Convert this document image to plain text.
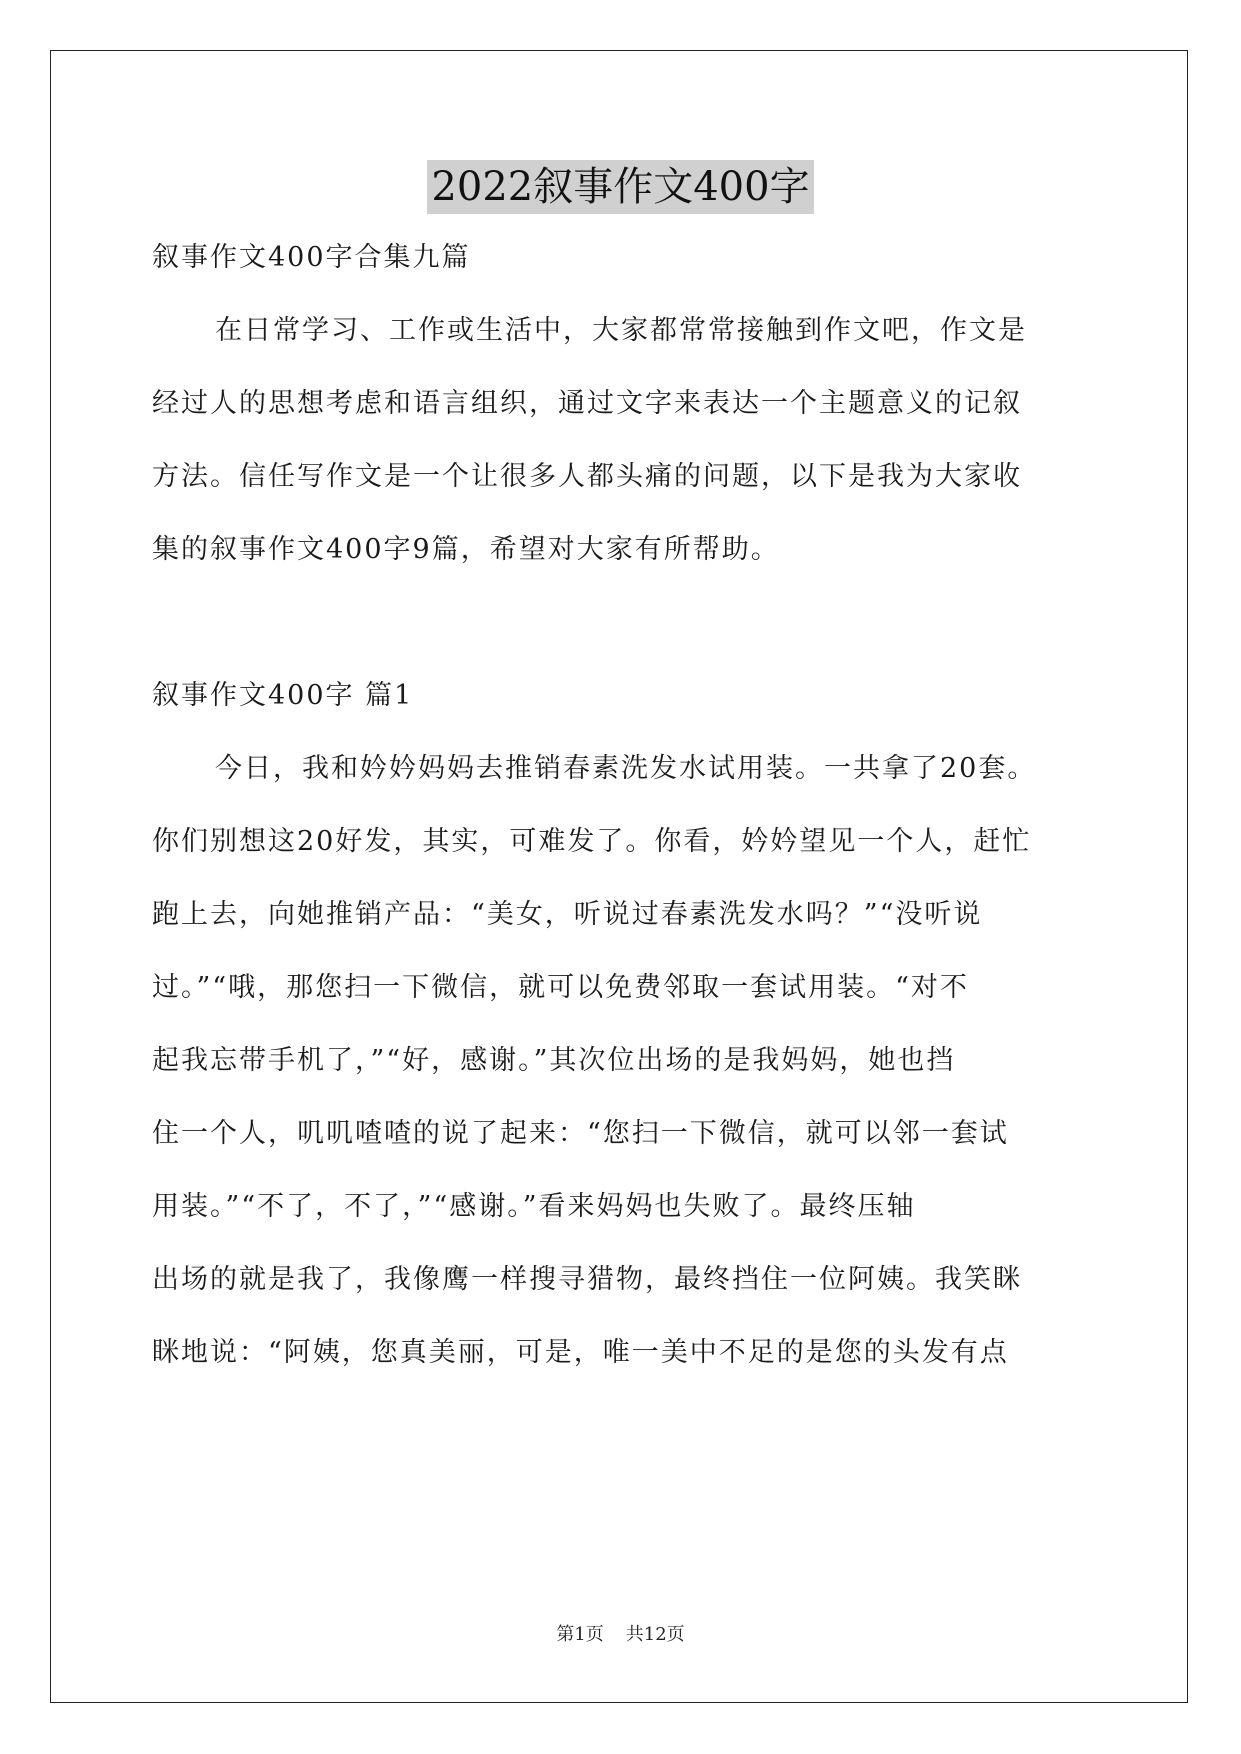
2022叙事作文400字
叙事作文400字合集九篇
在日常学习、工作或生活中，大家都常常接触到作文吧，作文是
经过人的思想考虑和语言组织，通过文字来表达一个主题意义的记叙
方法。信任写作文是一个让很多人都头痛的问题，以下是我为大家收
集的叙事作文400字9篇，希望对大家有所帮助。
叙事作文400字 篇1
今日，我和妗妗妈妈去推销春素洗发水试用装。一共拿了20套。
你们别想这20好发，其实，可难发了。你看，妗妗望见一个人，赶忙
跑上去，向她推销产品：“美女，听说过春素洗发水吗？”“没听说
过。”“哦，那您扫一下微信，就可以免费邻取一套试用装。“对不
起我忘带手机了，”“好，感谢。”其次位出场的是我妈妈，她也挡
住一个人，叽叽喳喳的说了起来：“您扫一下微信，就可以邻一套试
用装。”“不了，不了，”“感谢。”看来妈妈也失败了。最终压轴
出场的就是我了，我像鹰一样搜寻猎物，最终挡住一位阿姨。我笑眯
眯地说：“阿姨，您真美丽，可是，唯一美中不足的是您的头发有点
第1页 共12页
